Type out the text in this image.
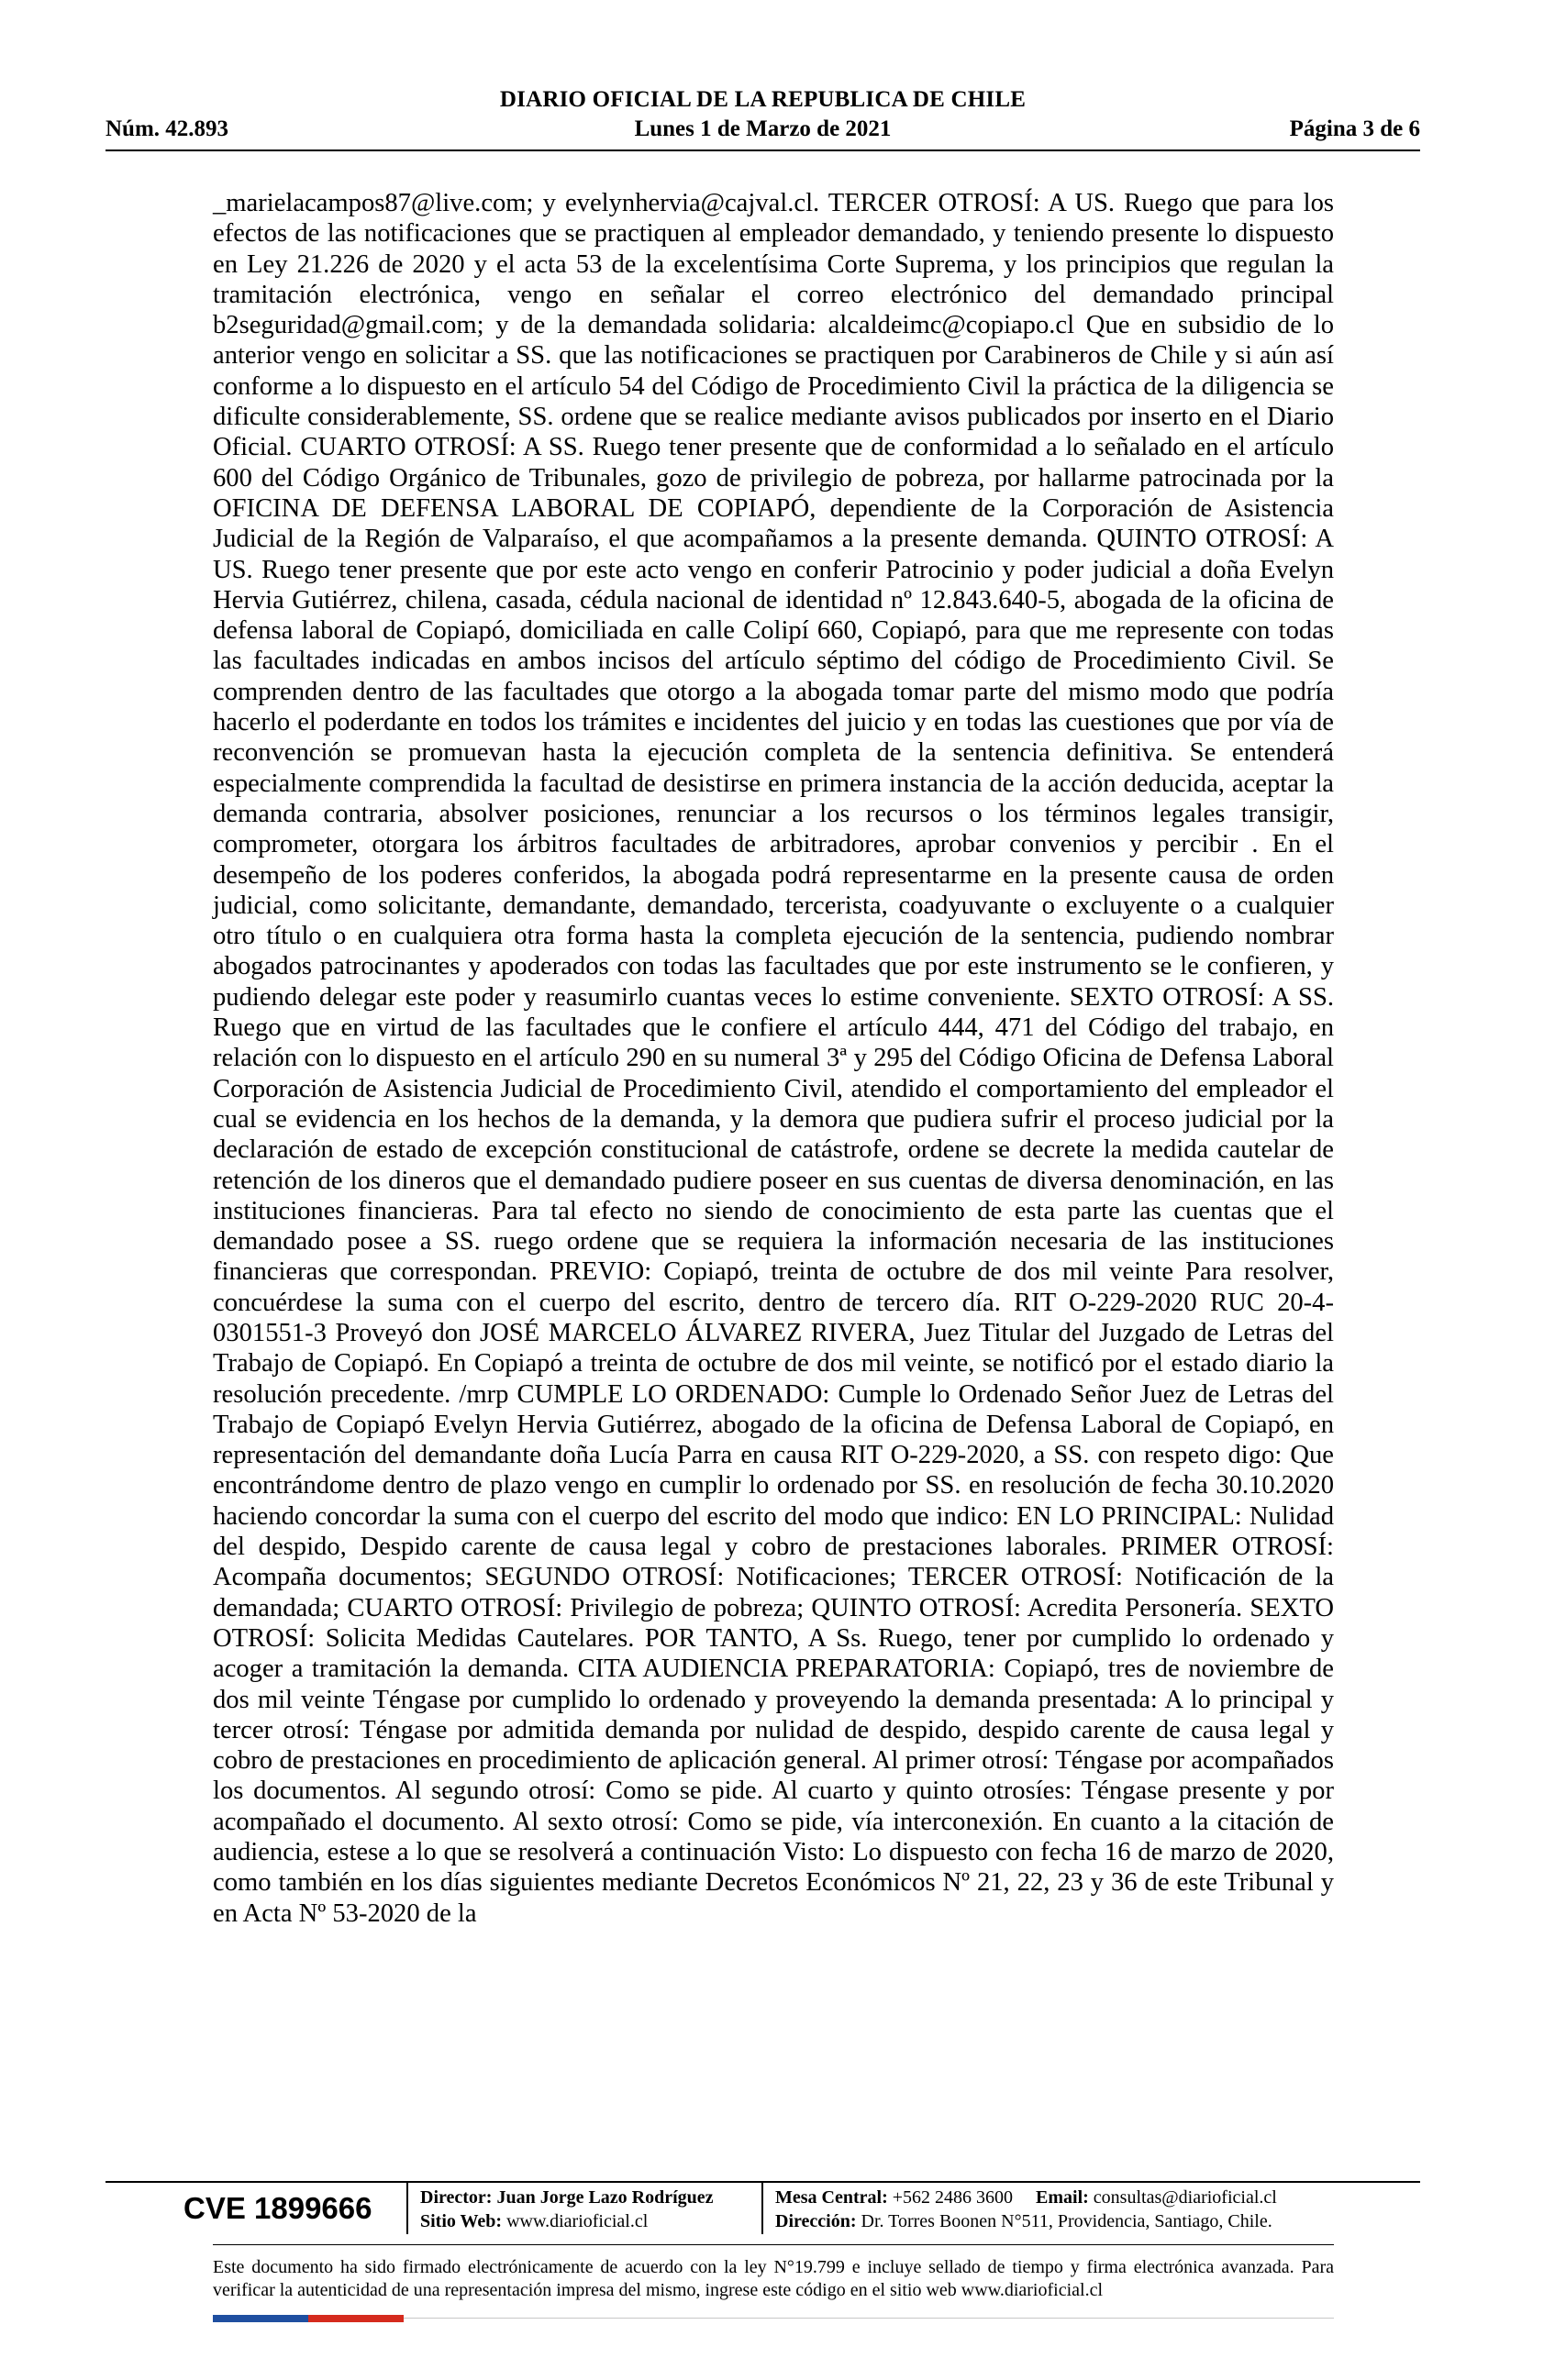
DIARIO OFICIAL DE LA REPUBLICA DE CHILE
Núm. 42.893	Lunes 1 de Marzo de 2021	Página 3 de 6

_marielacampos87@live.com; y evelynhervia@cajval.cl. TERCER OTROSÍ: A US. Ruego que para los efectos de las notificaciones que se practiquen al empleador demandado, y teniendo presente lo dispuesto en Ley 21.226 de 2020 y el acta 53 de la excelentísima Corte Suprema, y los principios que regulan la tramitación electrónica, vengo en señalar el correo electrónico del demandado principal b2seguridad@gmail.com; y de la demandada solidaria: alcaldeimc@copiapo.cl Que en subsidio de lo anterior vengo en solicitar a SS. que las notificaciones se practiquen por Carabineros de Chile y si aún así conforme a lo dispuesto en el artículo 54 del Código de Procedimiento Civil la práctica de la diligencia se dificulte considerablemente, SS. ordene que se realice mediante avisos publicados por inserto en el Diario Oficial. CUARTO OTROSÍ: A SS. Ruego tener presente que de conformidad a lo señalado en el artículo 600 del Código Orgánico de Tribunales, gozo de privilegio de pobreza, por hallarme patrocinada por la OFICINA DE DEFENSA LABORAL DE COPIAPÓ, dependiente de la Corporación de Asistencia Judicial de la Región de Valparaíso, el que acompañamos a la presente demanda. QUINTO OTROSÍ: A US. Ruego tener presente que por este acto vengo en conferir Patrocinio y poder judicial a doña Evelyn Hervia Gutiérrez, chilena, casada, cédula nacional de identidad nº 12.843.640-5, abogada de la oficina de defensa laboral de Copiapó, domiciliada en calle Colipí 660, Copiapó, para que me represente con todas las facultades indicadas en ambos incisos del artículo séptimo del código de Procedimiento Civil. Se comprenden dentro de las facultades que otorgo a la abogada tomar parte del mismo modo que podría hacerlo el poderdante en todos los trámites e incidentes del juicio y en todas las cuestiones que por vía de reconvención se promuevan hasta la ejecución completa de la sentencia definitiva. Se entenderá especialmente comprendida la facultad de desistirse en primera instancia de la acción deducida, aceptar la demanda contraria, absolver posiciones, renunciar a los recursos o los términos legales transigir, comprometer, otorgara los árbitros facultades de arbitradores, aprobar convenios y percibir . En el desempeño de los poderes conferidos, la abogada podrá representarme en la presente causa de orden judicial, como solicitante, demandante, demandado, tercerista, coadyuvante o excluyente o a cualquier otro título o en cualquiera otra forma hasta la completa ejecución de la sentencia, pudiendo nombrar abogados patrocinantes y apoderados con todas las facultades que por este instrumento se le confieren, y pudiendo delegar este poder y reasumirlo cuantas veces lo estime conveniente. SEXTO OTROSÍ: A SS. Ruego que en virtud de las facultades que le confiere el artículo 444, 471 del Código del trabajo, en relación con lo dispuesto en el artículo 290 en su numeral 3ª y 295 del Código Oficina de Defensa Laboral Corporación de Asistencia Judicial de Procedimiento Civil, atendido el comportamiento del empleador el cual se evidencia en los hechos de la demanda, y la demora que pudiera sufrir el proceso judicial por la declaración de estado de excepción constitucional de catástrofe, ordene se decrete la medida cautelar de retención de los dineros que el demandado pudiere poseer en sus cuentas de diversa denominación, en las instituciones financieras. Para tal efecto no siendo de conocimiento de esta parte las cuentas que el demandado posee a SS. ruego ordene que se requiera la información necesaria de las instituciones financieras que correspondan. PREVIO: Copiapó, treinta de octubre de dos mil veinte Para resolver, concuérdese la suma con el cuerpo del escrito, dentro de tercero día. RIT O-229-2020 RUC 20-4-0301551-3 Proveyó don JOSÉ MARCELO ÁLVAREZ RIVERA, Juez Titular del Juzgado de Letras del Trabajo de Copiapó. En Copiapó a treinta de octubre de dos mil veinte, se notificó por el estado diario la resolución precedente. /mrp CUMPLE LO ORDENADO: Cumple lo Ordenado Señor Juez de Letras del Trabajo de Copiapó Evelyn Hervia Gutiérrez, abogado de la oficina de Defensa Laboral de Copiapó, en representación del demandante doña Lucía Parra en causa RIT O-229-2020, a SS. con respeto digo: Que encontrándome dentro de plazo vengo en cumplir lo ordenado por SS. en resolución de fecha 30.10.2020 haciendo concordar la suma con el cuerpo del escrito del modo que indico: EN LO PRINCIPAL: Nulidad del despido, Despido carente de causa legal y cobro de prestaciones laborales. PRIMER OTROSÍ: Acompaña documentos; SEGUNDO OTROSÍ: Notificaciones; TERCER OTROSÍ: Notificación de la demandada; CUARTO OTROSÍ: Privilegio de pobreza; QUINTO OTROSÍ: Acredita Personería. SEXTO OTROSÍ: Solicita Medidas Cautelares. POR TANTO, A Ss. Ruego, tener por cumplido lo ordenado y acoger a tramitación la demanda. CITA AUDIENCIA PREPARATORIA: Copiapó, tres de noviembre de dos mil veinte Téngase por cumplido lo ordenado y proveyendo la demanda presentada: A lo principal y tercer otrosí: Téngase por admitida demanda por nulidad de despido, despido carente de causa legal y cobro de prestaciones en procedimiento de aplicación general. Al primer otrosí: Téngase por acompañados los documentos. Al segundo otrosí: Como se pide. Al cuarto y quinto otrosíes: Téngase presente y por acompañado el documento. Al sexto otrosí: Como se pide, vía interconexión. En cuanto a la citación de audiencia, estese a lo que se resolverá a continuación Visto: Lo dispuesto con fecha 16 de marzo de 2020, como también en los días siguientes mediante Decretos Económicos Nº 21, 22, 23 y 36 de este Tribunal y en Acta Nº 53-2020 de la

CVE 1899666	Director: Juan Jorge Lazo Rodríguez
Sitio Web: www.diarioficial.cl
Mesa Central: +562 2486 3600 Email: consultas@diarioficial.cl
Dirección: Dr. Torres Boonen N°511, Providencia, Santiago, Chile.

Este documento ha sido firmado electrónicamente de acuerdo con la ley N°19.799 e incluye sellado de tiempo y firma electrónica avanzada. Para verificar la autenticidad de una representación impresa del mismo, ingrese este código en el sitio web www.diarioficial.cl
